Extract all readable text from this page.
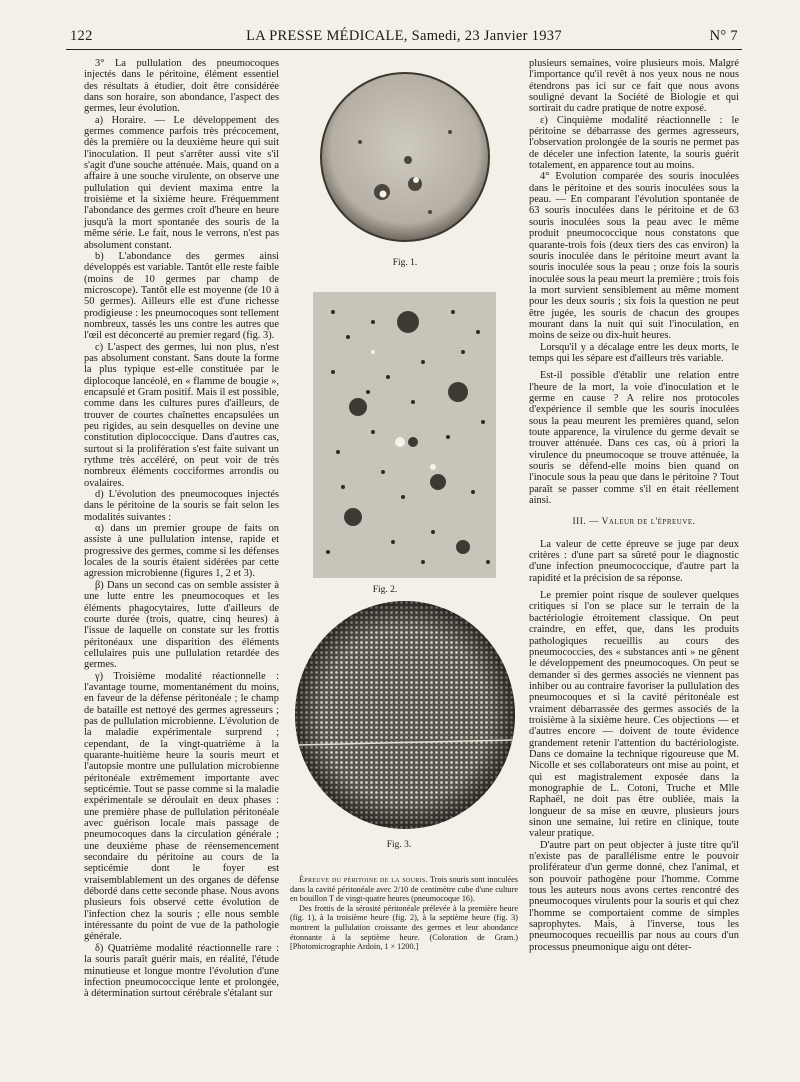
122	LA PRESSE MÉDICALE, Samedi, 23 Janvier 1937	N° 7

3° La pullulation des pneumocoques injectés dans le péritoine, élément essentiel des résultats à étudier, doit être considérée dans son horaire, son abondance, l'aspect des germes, leur évolution.

a) Horaire. — Le développement des germes commence parfois très précocement, dès la première ou la deuxième heure qui suit l'inoculation. Il peut s'arrêter aussi vite s'il s'agit d'une souche atténuée. Mais, quand on a affaire à une souche virulente, on observe une pullulation qui devient maxima entre la troisième et la sixième heure. Fréquemment l'abondance des germes croît d'heure en heure jusqu'à la mort spontanée des souris de la même série. Le fait, nous le verrons, n'est pas absolument constant.

b) L'abondance des germes ainsi développés est variable. Tantôt elle reste faible (moins de 10 germes par champ de microscope). Tantôt elle est moyenne (de 10 à 50 germes). Ailleurs elle est d'une richesse prodigieuse : les pneumocoques sont tellement nombreux, tassés les uns contre les autres que l'œil est déconcerté au premier regard (fig. 3).

c) L'aspect des germes, lui non plus, n'est pas absolument constant. Sans doute la forme la plus typique est-elle constituée par le diplocoque lancéolé, en « flamme de bougie », encapsulé et Gram positif. Mais il est possible, comme dans les cultures pures d'ailleurs, de trouver de courtes chaînettes encapsulées un peu rigides, au sein desquelles on devine une constitution diplococcique. Dans d'autres cas, surtout si la prolifération s'est faite suivant un rythme très accéléré, on peut voir de très nombreux éléments cocciformes arrondis ou ovalaires.

d) L'évolution des pneumocoques injectés dans le péritoine de la souris se fait selon les modalités suivantes :

α) dans un premier groupe de faits on assiste à une pullulation intense, rapide et progressive des germes, comme si les défenses locales de la souris étaient sidérées par cette agression microbienne (figures 1, 2 et 3).

β) Dans un second cas on semble assister à une lutte entre les pneumocoques et les éléments phagocytaires, lutte d'ailleurs de courte durée (trois, quatre, cinq heures) à l'issue de laquelle on constate sur les frottis péritonéaux une disparition des éléments cellulaires puis une pullulation retardée des germes.

γ) Troisième modalité réactionnelle : l'avantage tourne, momentanément du moins, en faveur de la défense péritonéale ; le champ de bataille est nettoyé des germes agresseurs ; pas de pullulation microbienne. L'évolution de la maladie expérimentale surprend ; cependant, de la vingt-quatrième à la quarante-huitième heure la souris meurt et l'autopsie montre une pullulation microbienne péritonéale extrêmement importante avec septicémie. Tout se passe comme si la maladie expérimentale se déroulait en deux phases : une première phase de pullulation péritonéale avec guérison locale mais passage de pneumocoques dans la circulation générale ; une deuxième phase de réensemencement secondaire du péritoine au cours de la septicémie dont le foyer est vraisemblablement un des organes de défense débordé dans cette seconde phase. Nous avons plusieurs fois observé cette évolution de l'infection chez la souris ; elle nous semble intéressante du point de vue de la pathologie générale.

δ) Quatrième modalité réactionnelle rare : la souris paraît guérir mais, en réalité, l'étude minutieuse et longue montre l'évolution d'une infection pneumococcique lente et prolongée, à détermination surtout cérébrale s'étalant sur

Fig. 1.
Fig. 2.
Fig. 3.

Épreuve du péritoine de la souris. Trois souris sont inoculées dans la cavité péritonéale avec 2/10 de centimètre cube d'une culture en bouillon T de vingt-quatre heures (pneumocoque 16).

Des frottis de la sérosité péritonéale prélevée à la première heure (fig. 1), à la troisième heure (fig. 2), à la septième heure (fig. 3) montrent la pullulation croissante des germes et leur abondance étonnante à la septième heure. (Coloration de Gram.) [Photomicrographie Ardoin, 1 × 1200.]

plusieurs semaines, voire plusieurs mois. Malgré l'importance qu'il revêt à nos yeux nous ne nous étendrons pas ici sur ce fait que nous avons souligné devant la Société de Biologie et qui sortirait du cadre pratique de notre exposé.

ε) Cinquième modalité réactionnelle : le péritoine se débarrasse des germes agresseurs, l'observation prolongée de la souris ne permet pas de déceler une infection latente, la souris guérit totalement, en apparence tout au moins.

4° Evolution comparée des souris inoculées dans le péritoine et des souris inoculées sous la peau. — En comparant l'évolution spontanée de 63 souris inoculées dans le péritoine et de 63 souris inoculées sous la peau avec le même produit pneumococcique nous constatons que quarante-trois fois (deux tiers des cas environ) la souris inoculée dans le péritoine meurt avant la souris inoculée sous la peau ; onze fois la souris inoculée sous la peau meurt la première ; trois fois la mort survient sensiblement au même moment pour les deux souris ; six fois la question ne peut être jugée, les souris de chacun des groupes mourant dans la nuit qui suit l'inoculation, en moins de seize ou dix-huit heures.

Lorsqu'il y a décalage entre les deux morts, le temps qui les sépare est d'ailleurs très variable.

Est-il possible d'établir une relation entre l'heure de la mort, la voie d'inoculation et le germe en cause ? A relire nos protocoles d'expérience il semble que les souris inoculées sous la peau meurent les premières quand, selon toute apparence, la virulence du germe devait se trouver atténuée. Dans ces cas, où à priori la virulence du pneumocoque se trouve atténuée, la souris se défend-elle moins bien quand on l'inocule sous la peau que dans le péritoine ? Tout paraît se passer comme s'il en était réellement ainsi.

III. — Valeur de l'épreuve.

La valeur de cette épreuve se juge par deux critères : d'une part sa sûreté pour le diagnostic d'une infection pneumococcique, d'autre part la rapidité et la précision de sa réponse.

Le premier point risque de soulever quelques critiques si l'on se place sur le terrain de la bactériologie étroitement classique. On peut craindre, en effet, que, dans les produits pathologiques recueillis au cours des pneumococcies, des « substances anti » ne gênent le développement des pneumocoques. On peut se demander si des germes associés ne viennent pas inhiber ou au contraire favoriser la pullulation des pneumocoques et si la cavité péritonéale est vraiment débarrassée des germes associés de la troisième à la sixième heure. Ces objections — et d'autres encore — doivent de toute évidence grandement retenir l'attention du bactériologiste. Dans ce domaine la technique rigoureuse que M. Nicolle et ses collaborateurs ont mise au point, et qui est magistralement exposée dans la monographie de L. Cotoni, Truche et Mlle Raphaël, ne doit pas être oubliée, mais la longueur de sa mise en œuvre, plusieurs jours sinon une semaine, lui retire en clinique, toute valeur pratique.

D'autre part on peut objecter à juste titre qu'il n'existe pas de parallélisme entre le pouvoir proliférateur d'un germe donné, chez l'animal, et son pouvoir pathogène pour l'homme. Comme tous les auteurs nous avons certes rencontré des pneumocoques virulents pour la souris et qui chez l'homme se comportaient comme de simples saprophytes. Mais, à l'inverse, tous les pneumocoques recueillis par nous au cours d'un processus pneumonique aigu ont déter-
